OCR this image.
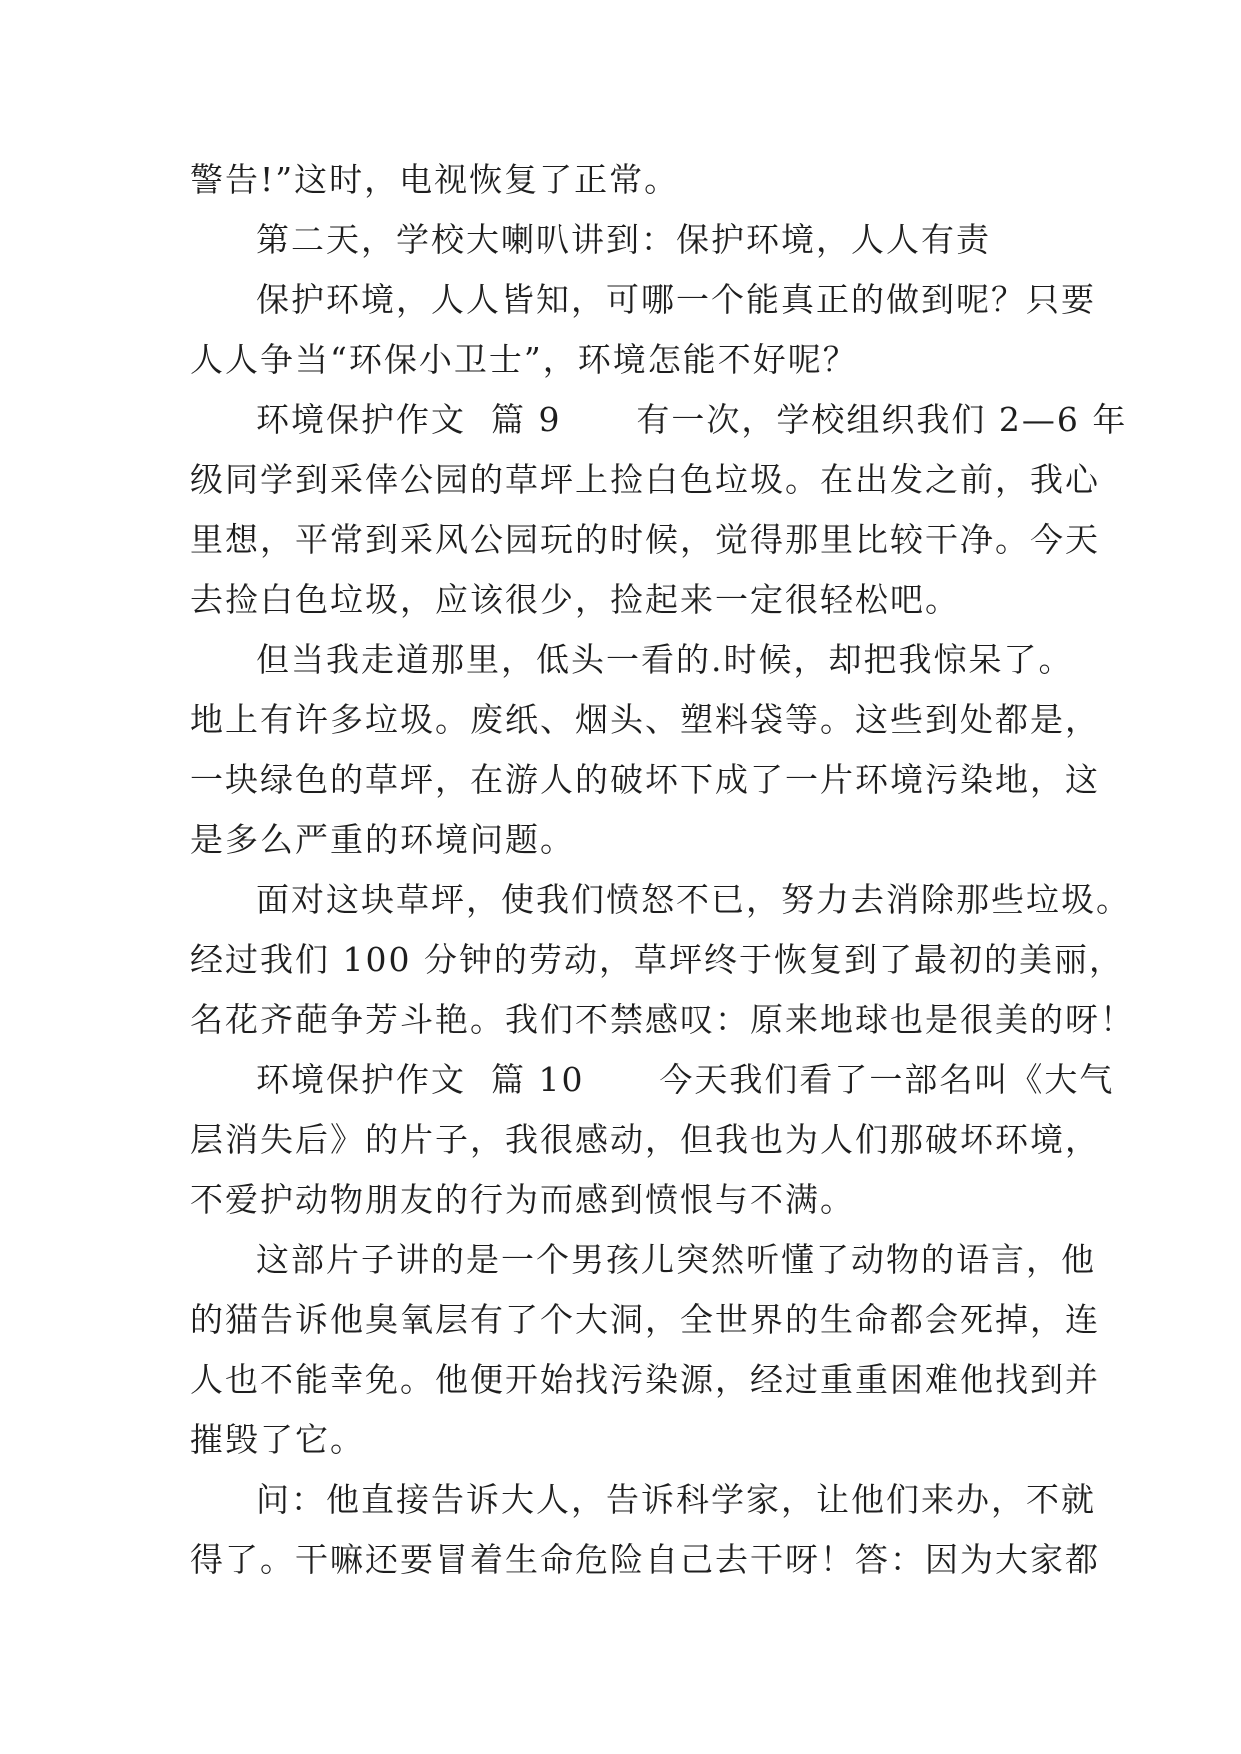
警告!”这时，电视恢复了正常。
第二天，学校大喇叭讲到：保护环境，人人有责
保护环境，人人皆知，可哪一个能真正的做到呢？只要
人人争当“环保小卫士”，环境怎能不好呢？
环境保护作文  篇 9      有一次，学校组织我们 2—6 年
级同学到采倖公园的草坪上捡白色垃圾。在出发之前，我心
里想，平常到采风公园玩的时候，觉得那里比较干净。今天
去捡白色垃圾，应该很少，捡起来一定很轻松吧。
但当我走道那里，低头一看的.时候，却把我惊呆了。
地上有许多垃圾。废纸、烟头、塑料袋等。这些到处都是，
一块绿色的草坪，在游人的破坏下成了一片环境污染地，这
是多么严重的环境问题。
面对这块草坪，使我们愤怒不已，努力去消除那些垃圾。
经过我们 100 分钟的劳动，草坪终于恢复到了最初的美丽，
名花齐葩争芳斗艳。我们不禁感叹：原来地球也是很美的呀！
环境保护作文  篇 10      今天我们看了一部名叫《大气
层消失后》的片子，我很感动，但我也为人们那破坏环境，
不爱护动物朋友的行为而感到愤恨与不满。
这部片子讲的是一个男孩儿突然听懂了动物的语言，他
的猫告诉他臭氧层有了个大洞，全世界的生命都会死掉，连
人也不能幸免。他便开始找污染源，经过重重困难他找到并
摧毁了它。
问：他直接告诉大人，告诉科学家，让他们来办，不就
得了。干嘛还要冒着生命危险自己去干呀！答：因为大家都
